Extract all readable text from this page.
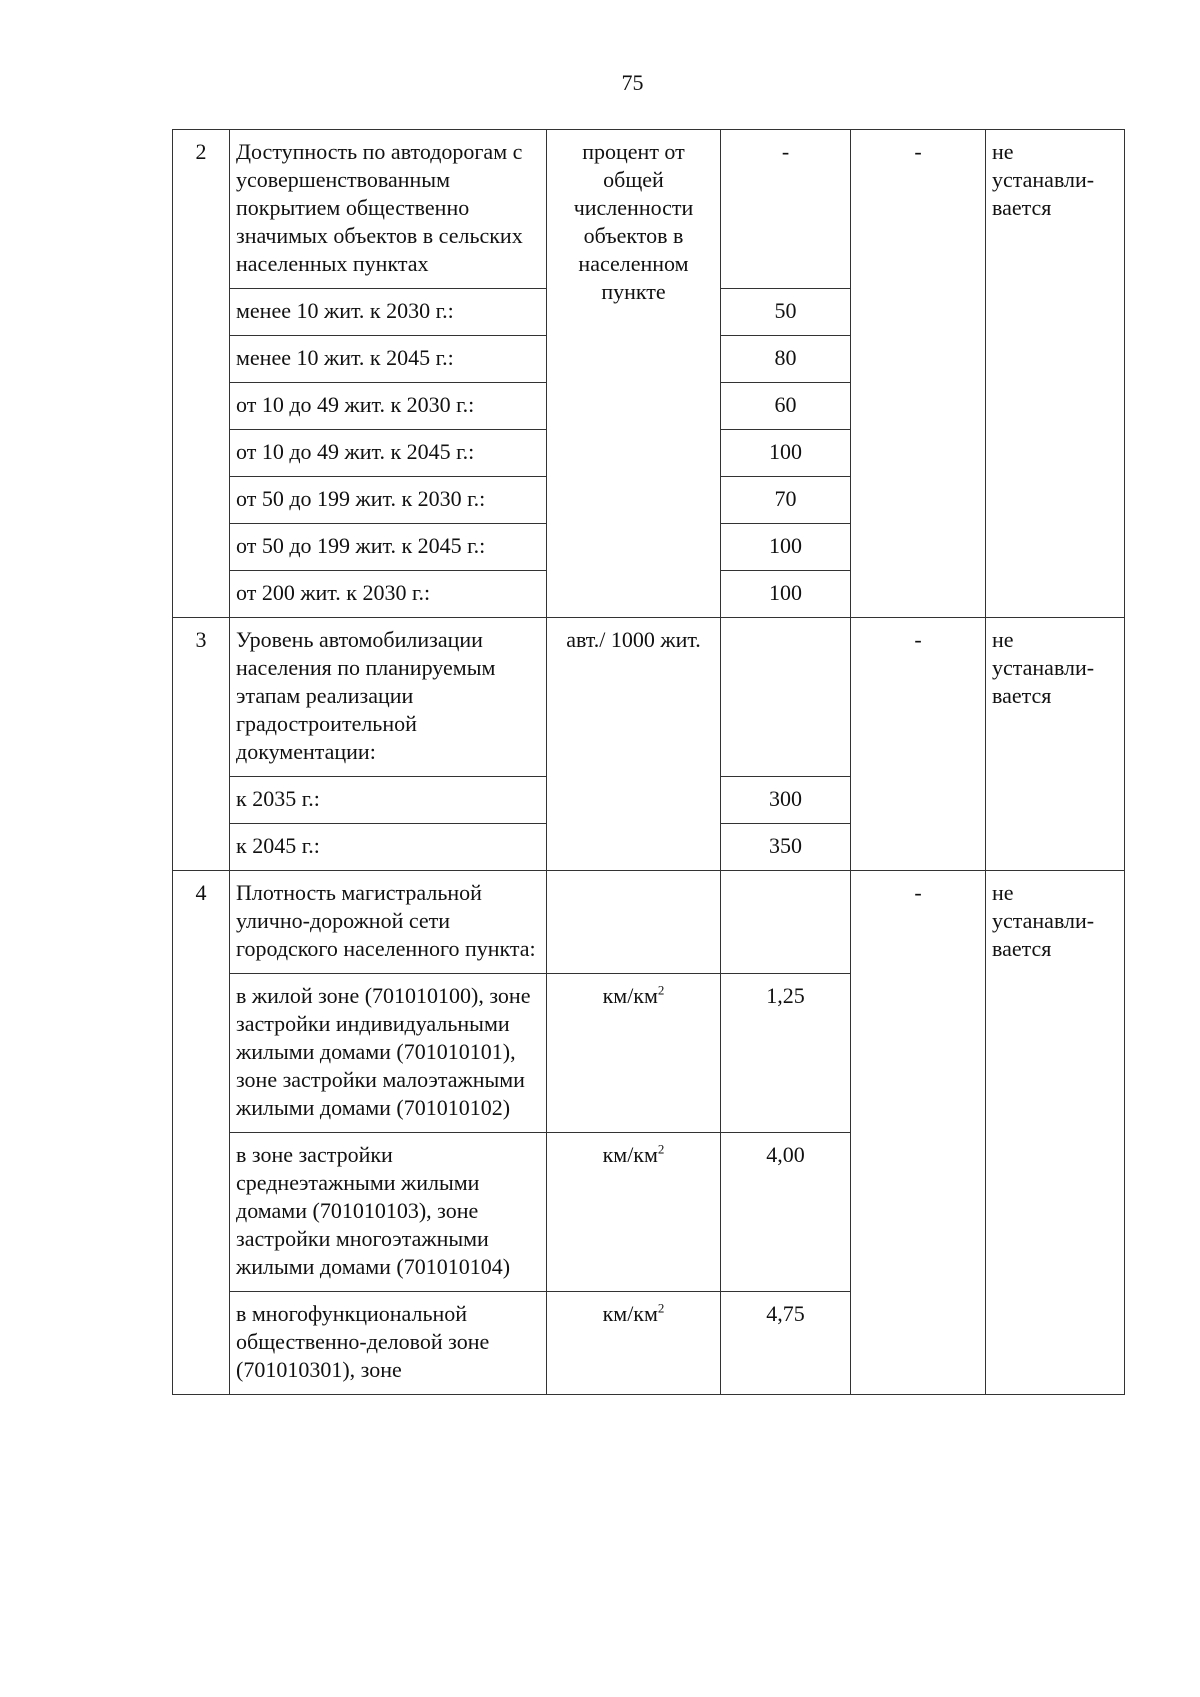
75
2	Доступность по автодорогам с усовершенствованным покрытием общественно значимых объектов в сельских населенных пунктах	процент от общей численности объектов в населенном пункте	-	-	не устанавли-вается
	менее 10 жит. к 2030 г.:		50		
	менее 10 жит. к 2045 г.:		80		
	от 10 до 49 жит. к 2030 г.:		60		
	от 10 до 49 жит. к 2045 г.:		100		
	от 50 до 199 жит. к 2030 г.:		70		
	от 50 до 199 жит. к 2045 г.:		100		
	от 200 жит. к 2030 г.:		100		
3	Уровень автомобилизации населения по планируемым этапам реализации градостроительной документации:	авт./ 1000 жит.		-	не устанавли-вается
	к 2035 г.:		300		
	к 2045 г.:		350		
4	Плотность магистральной улично-дорожной сети городского населенного пункта:			-	не устанавли-вается
	в жилой зоне (701010100), зоне застройки индивидуальными жилыми домами (701010101), зоне застройки малоэтажными жилыми домами (701010102)	$км/км^2$	1,25		
	в зоне застройки среднеэтажными жилыми домами (701010103), зоне застройки многоэтажными жилыми домами (701010104)	$км/км^2$	4,00		
	в многофункциональной общественно-деловой зоне (701010301), зоне	$км/км^2$	4,75		
